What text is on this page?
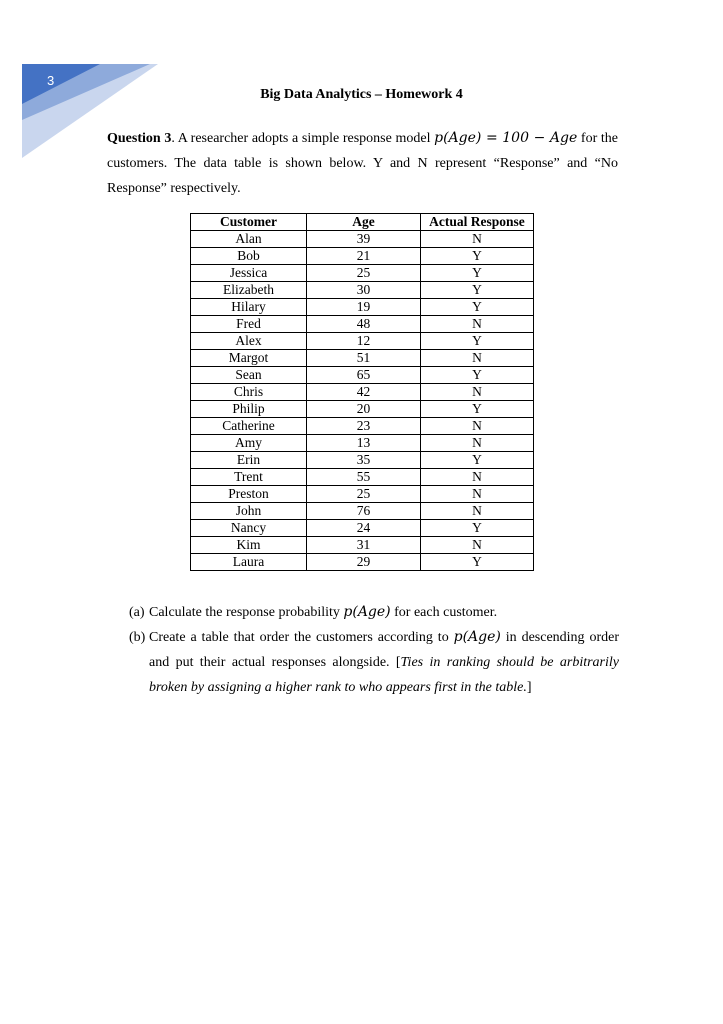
3
Big Data Analytics – Homework 4
Question 3. A researcher adopts a simple response model p(Age) = 100 − Age for the customers. The data table is shown below. Y and N represent “Response” and “No Response” respectively.
Customer	Age	Actual Response
Alan	39	N
Bob	21	Y
Jessica	25	Y
Elizabeth	30	Y
Hilary	19	Y
Fred	48	N
Alex	12	Y
Margot	51	N
Sean	65	Y
Chris	42	N
Philip	20	Y
Catherine	23	N
Amy	13	N
Erin	35	Y
Trent	55	N
Preston	25	N
John	76	N
Nancy	24	Y
Kim	31	N
Laura	29	Y
(a) Calculate the response probability p(Age) for each customer.
(b) Create a table that order the customers according to p(Age) in descending order and put their actual responses alongside. [Ties in ranking should be arbitrarily broken by assigning a higher rank to who appears first in the table.]
